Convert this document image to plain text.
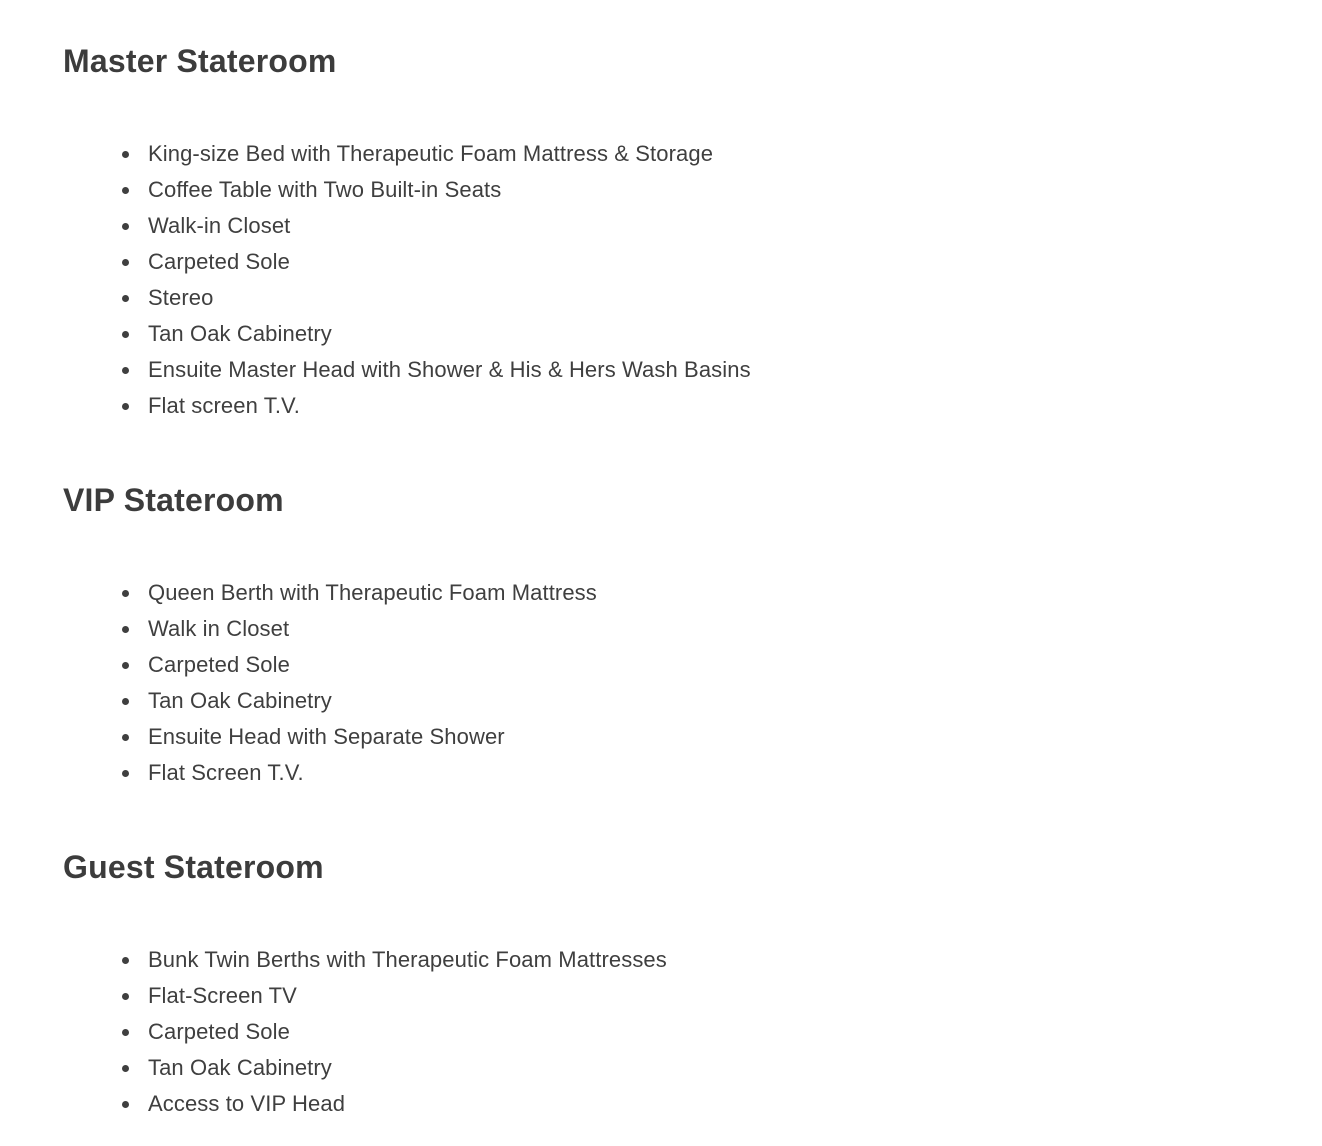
Master Stateroom
King-size Bed with Therapeutic Foam Mattress & Storage
Coffee Table with Two Built-in Seats
Walk-in Closet
Carpeted Sole
Stereo
Tan Oak Cabinetry
Ensuite Master Head with Shower & His & Hers Wash Basins
Flat screen T.V.
VIP Stateroom
Queen Berth with Therapeutic Foam Mattress
Walk in Closet
Carpeted Sole
Tan Oak Cabinetry
Ensuite Head with Separate Shower
Flat Screen T.V.
Guest Stateroom
Bunk Twin Berths with Therapeutic Foam Mattresses
Flat-Screen TV
Carpeted Sole
Tan Oak Cabinetry
Access to VIP Head
